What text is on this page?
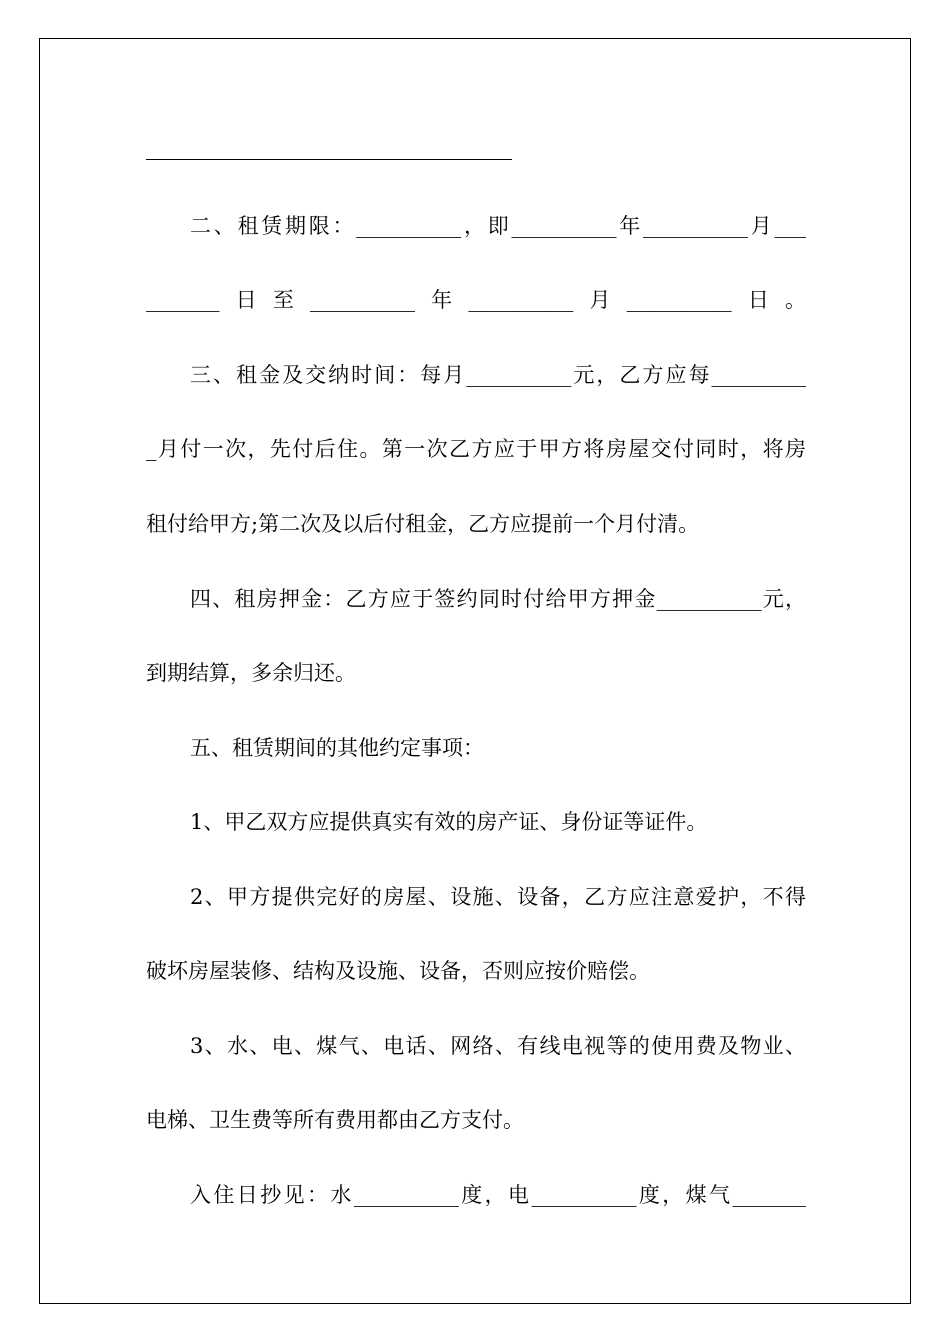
二、租赁期限：__________，即__________年__________月___
_______日至__________年__________月__________日。
三、租金及交纳时间：每月__________元，乙方应每_________
_月付一次，先付后住。第一次乙方应于甲方将房屋交付同时，将房
租付给甲方;第二次及以后付租金，乙方应提前一个月付清。
四、租房押金：乙方应于签约同时付给甲方押金__________元，
到期结算，多余归还。
五、租赁期间的其他约定事项：
1、甲乙双方应提供真实有效的房产证、身份证等证件。
2、甲方提供完好的房屋、设施、设备，乙方应注意爱护，不得
破坏房屋装修、结构及设施、设备，否则应按价赔偿。
3、水、电、煤气、电话、网络、有线电视等的使用费及物业、
电梯、卫生费等所有费用都由乙方支付。
入住日抄见：水__________度，电__________度，煤气_______
